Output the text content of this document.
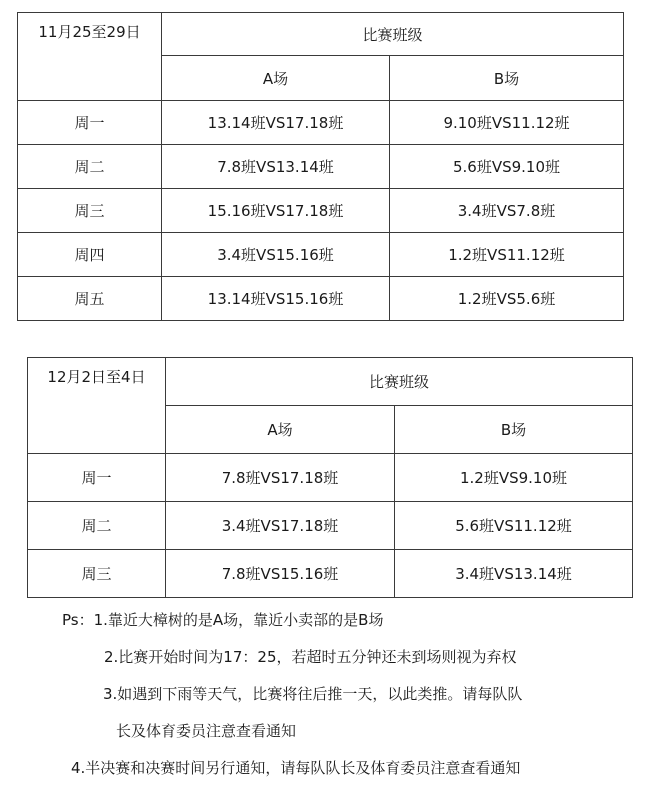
11月25至29日	比赛班级	
	A场	B场
周一	13.14班VS17.18班	9.10班VS11.12班
周二	7.8班VS13.14班	5.6班VS9.10班
周三	15.16班VS17.18班	3.4班VS7.8班
周四	3.4班VS15.16班	1.2班VS11.12班
周五	13.14班VS15.16班	1.2班VS5.6班
12月2日至4日	比赛班级	
	A场	B场
周一	7.8班VS17.18班	1.2班VS9.10班
周二	3.4班VS17.18班	5.6班VS11.12班
周三	7.8班VS15.16班	3.4班VS13.14班
Ps：1.靠近大樟树的是A场，靠近小卖部的是B场
2.比赛开始时间为17：25，若超时五分钟还未到场则视为弃权
3.如遇到下雨等天气，比赛将往后推一天，以此类推。请每队队
长及体育委员注意查看通知
4.半决赛和决赛时间另行通知，请每队队长及体育委员注意查看通知
